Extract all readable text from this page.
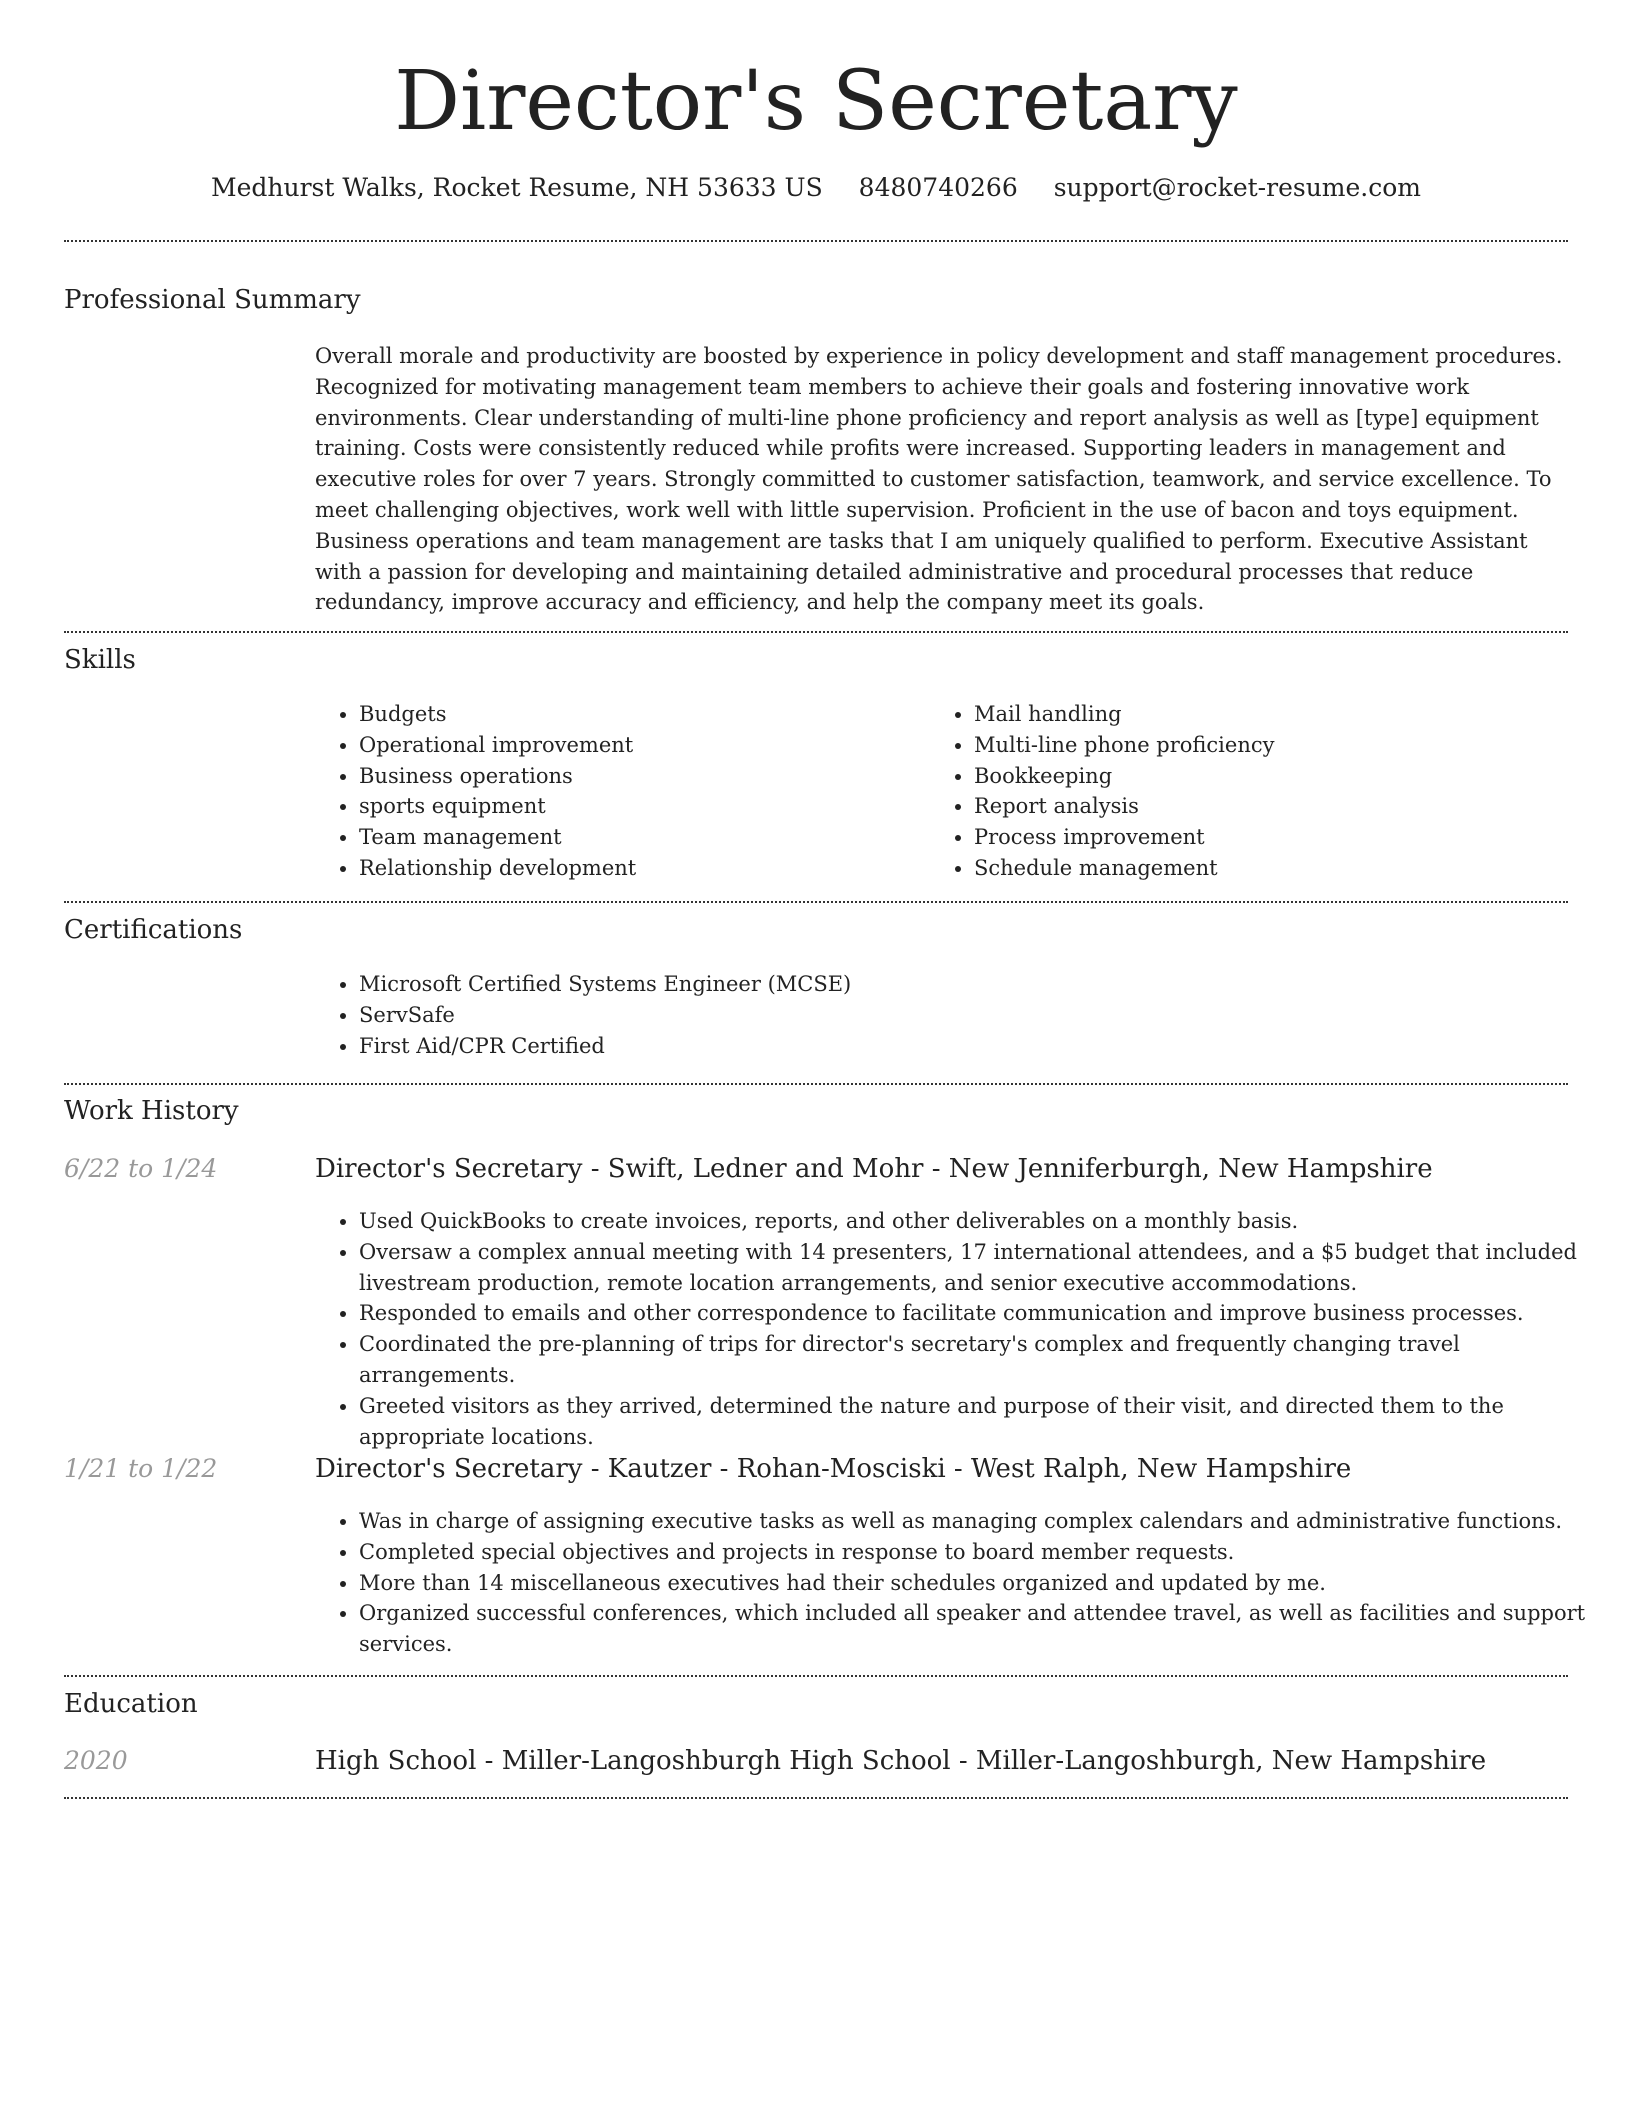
Director's Secretary
Medhurst Walks, Rocket Resume, NH 53633 US 8480740266 support@rocket-resume.com
Professional Summary
Overall morale and productivity are boosted by experience in policy development and staff management procedures. Recognized for motivating management team members to achieve their goals and fostering innovative work environments. Clear understanding of multi-line phone proficiency and report analysis as well as [type] equipment training. Costs were consistently reduced while profits were increased. Supporting leaders in management and executive roles for over 7 years. Strongly committed to customer satisfaction, teamwork, and service excellence. To meet challenging objectives, work well with little supervision. Proficient in the use of bacon and toys equipment. Business operations and team management are tasks that I am uniquely qualified to perform. Executive Assistant with a passion for developing and maintaining detailed administrative and procedural processes that reduce redundancy, improve accuracy and efficiency, and help the company meet its goals.
Skills
• Budgets
• Operational improvement
• Business operations
• sports equipment
• Team management
• Relationship development
• Mail handling
• Multi-line phone proficiency
• Bookkeeping
• Report analysis
• Process improvement
• Schedule management
Certifications
• Microsoft Certified Systems Engineer (MCSE)
• ServSafe
• First Aid/CPR Certified
Work History
6/22 to 1/24	Director's Secretary - Swift, Ledner and Mohr - New Jenniferburgh, New Hampshire
• Used QuickBooks to create invoices, reports, and other deliverables on a monthly basis.
• Oversaw a complex annual meeting with 14 presenters, 17 international attendees, and a $5 budget that included livestream production, remote location arrangements, and senior executive accommodations.
• Responded to emails and other correspondence to facilitate communication and improve business processes.
• Coordinated the pre-planning of trips for director's secretary's complex and frequently changing travel arrangements.
• Greeted visitors as they arrived, determined the nature and purpose of their visit, and directed them to the appropriate locations.
1/21 to 1/22	Director's Secretary - Kautzer - Rohan-Mosciski - West Ralph, New Hampshire
• Was in charge of assigning executive tasks as well as managing complex calendars and administrative functions.
• Completed special objectives and projects in response to board member requests.
• More than 14 miscellaneous executives had their schedules organized and updated by me.
• Organized successful conferences, which included all speaker and attendee travel, as well as facilities and support services.
Education
2020	High School - Miller-Langoshburgh High School - Miller-Langoshburgh, New Hampshire
